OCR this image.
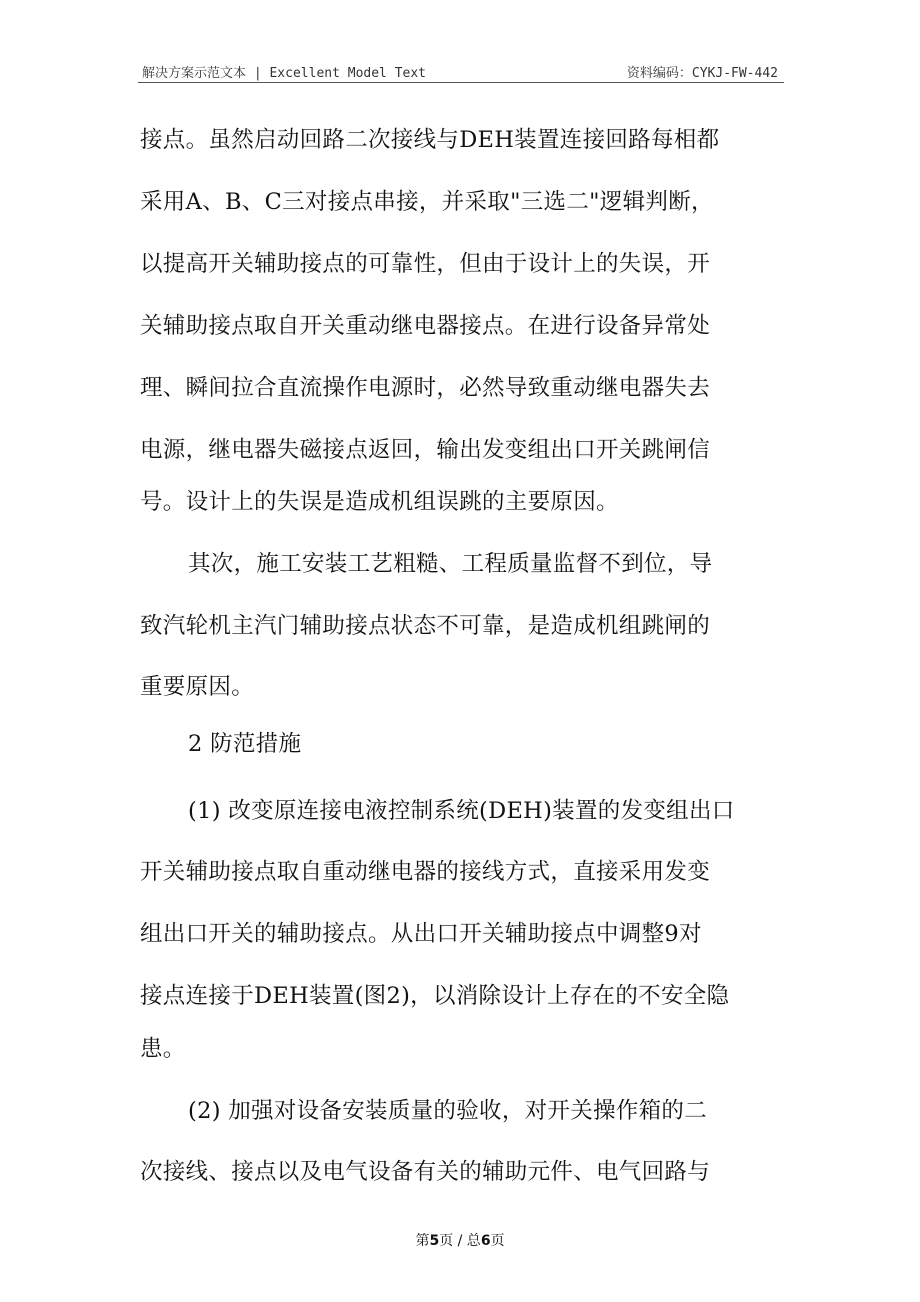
解决方案示范文本 | Excellent Model Text	资料编码：CYKJ-FW-442
接点。虽然启动回路二次接线与DEH装置连接回路每相都
采用A、B、C三对接点串接，并采取"三选二"逻辑判断，
以提高开关辅助接点的可靠性，但由于设计上的失误，开
关辅助接点取自开关重动继电器接点。在进行设备异常处
理、瞬间拉合直流操作电源时，必然导致重动继电器失去
电源，继电器失磁接点返回，输出发变组出口开关跳闸信
号。设计上的失误是造成机组误跳的主要原因。
其次，施工安装工艺粗糙、工程质量监督不到位，导
致汽轮机主汽门辅助接点状态不可靠，是造成机组跳闸的
重要原因。
2 防范措施
(1) 改变原连接电液控制系统(DEH)装置的发变组出口
开关辅助接点取自重动继电器的接线方式，直接采用发变
组出口开关的辅助接点。从出口开关辅助接点中调整9对
接点连接于DEH装置(图2)，以消除设计上存在的不安全隐
患。
(2) 加强对设备安装质量的验收，对开关操作箱的二
次接线、接点以及电气设备有关的辅助元件、电气回路与
第5页 / 总6页
